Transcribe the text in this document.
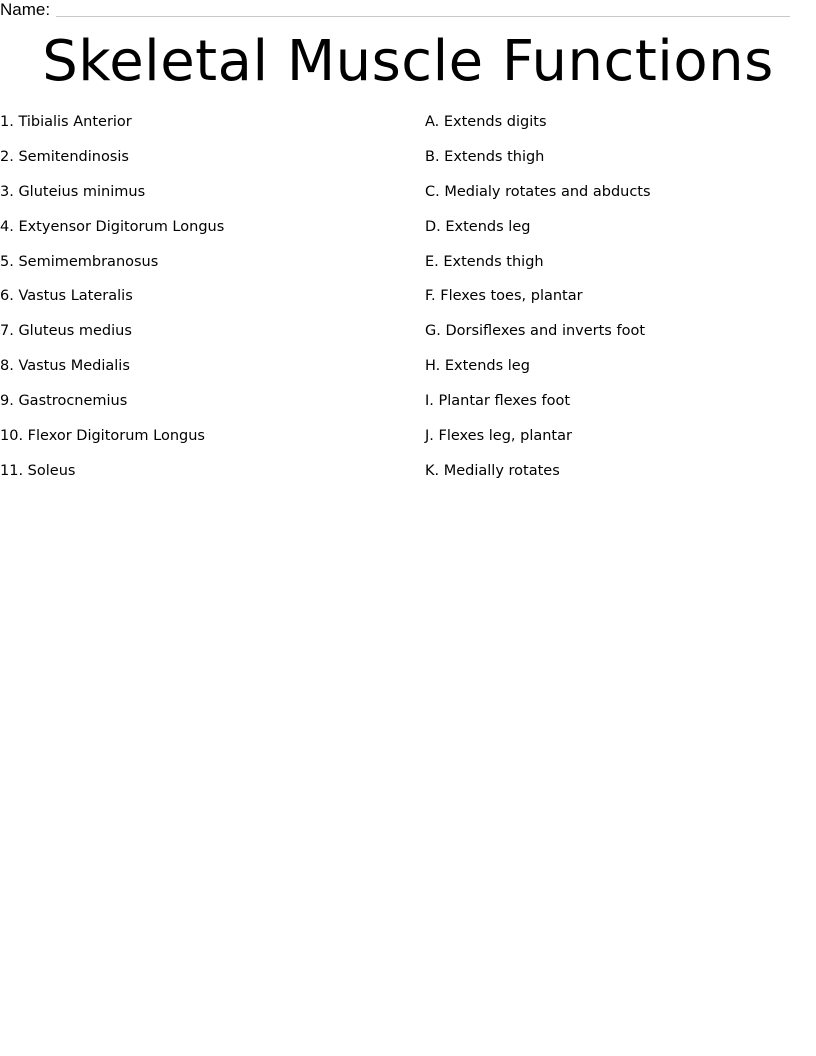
Name:
Skeletal Muscle Functions
1. Tibialis Anterior
2. Semitendinosis
3. Gluteius minimus
4. Extyensor Digitorum Longus
5. Semimembranosus
6. Vastus Lateralis
7. Gluteus medius
8. Vastus Medialis
9. Gastrocnemius
10. Flexor Digitorum Longus
11. Soleus
A. Extends digits
B. Extends thigh
C. Medialy rotates and abducts
D. Extends leg
E. Extends thigh
F. Flexes toes, plantar
G. Dorsiflexes and inverts foot
H. Extends leg
I. Plantar flexes foot
J. Flexes leg, plantar
K. Medially rotates
